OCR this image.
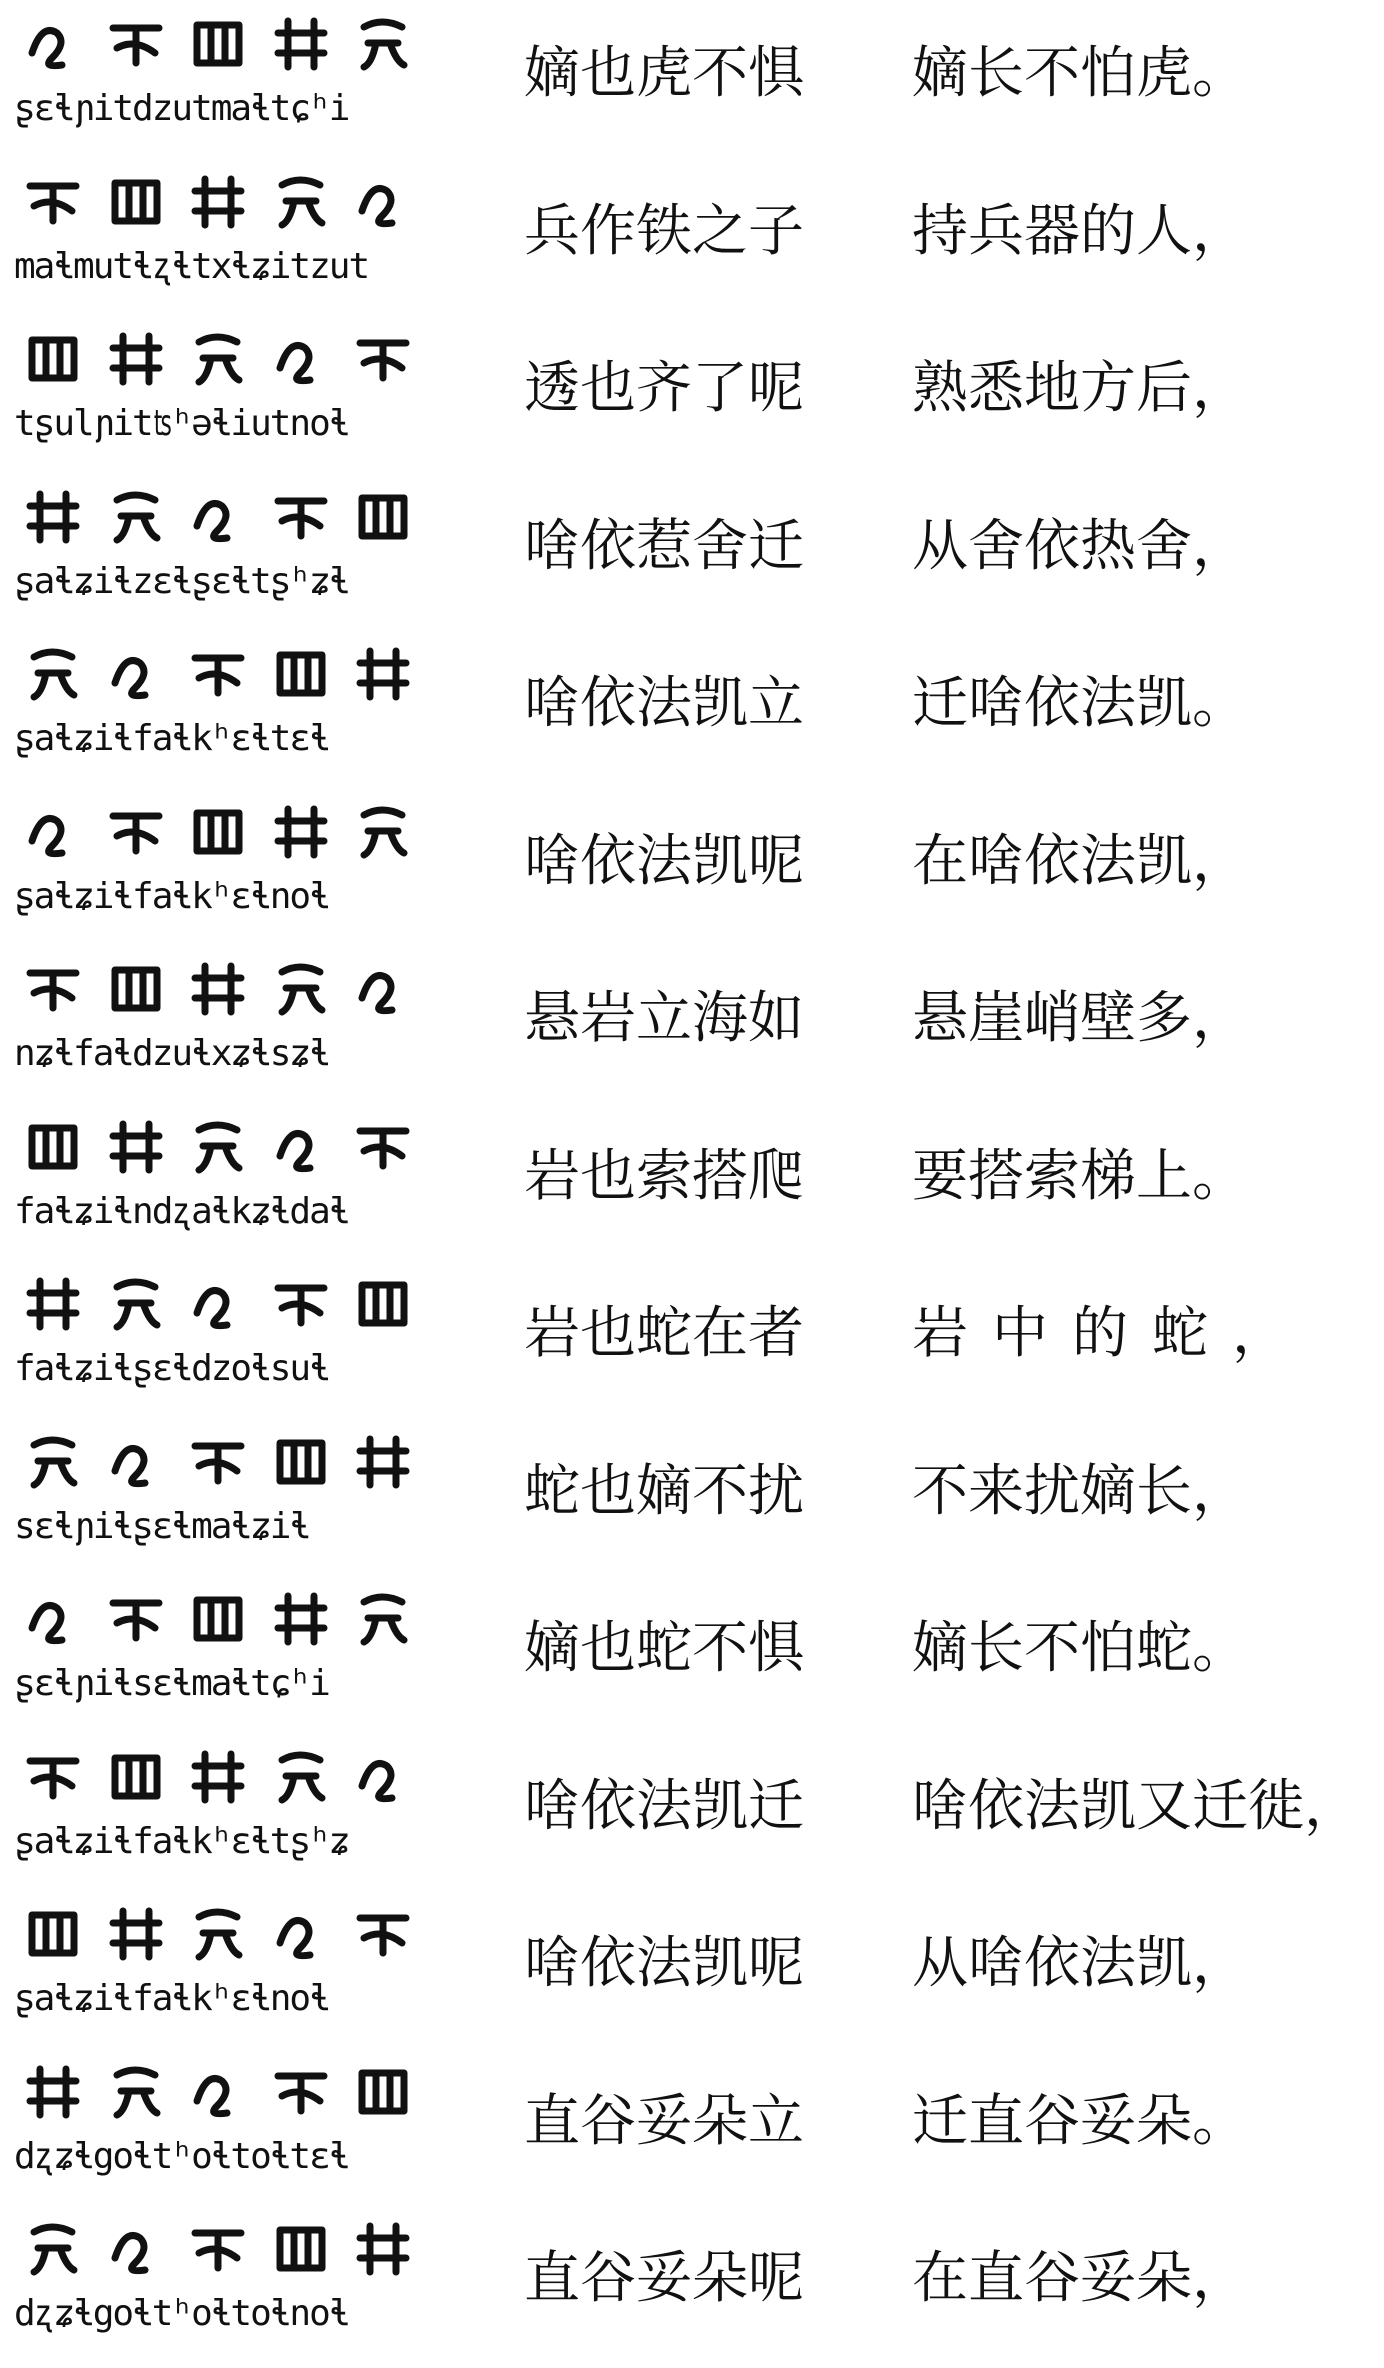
ʂɛɬɲitdzutmaɬtɕʰi
嫡也虎不惧 嫡长不怕虎。
maɬmutɬʐɬtxɬʑitzut
兵作铁之子 持兵器的人，
tʂulɲitʦʰəɬiutnoɬ
透也齐了呢 熟悉地方后，
ʂaɬʑiɬzɛɬʂɛɬtʂʰʑɬ
啥依惹舍迁 从舍依热舍，
ʂaɬʑiɬfaɬkʰɛɬtɛɬ
啥依法凯立 迁啥依法凯。
ʂaɬʑiɬfaɬkʰɛɬnoɬ
啥依法凯呢 在啥依法凯，
nʑɬfaɬdzuɬxʑɬsʑɬ
悬岩立海如 悬崖峭壁多，
faɬʑiɬndʐaɬkʑɬdaɬ
岩也索搭爬 要搭索梯上。
faɬʑiɬʂɛɬdzoɬsuɬ
岩也蛇在者 岩中的蛇，
sɛɬɲiɬʂɛɬmaɬʑiɬ
蛇也嫡不扰 不来扰嫡长，
ʂɛɬɲiɬsɛɬmaɬtɕʰi
嫡也蛇不惧 嫡长不怕蛇。
ʂaɬʑiɬfaɬkʰɛɬtʂʰʑ
啥依法凯迁 啥依法凯又迁徙，
ʂaɬʑiɬfaɬkʰɛɬnoɬ
啥依法凯呢 从啥依法凯，
dʐʑɬgoɬtʰoɬtoɬtɛɬ
直谷妥朵立 迁直谷妥朵。
dʐʑɬgoɬtʰoɬtoɬnoɬ
直谷妥朵呢 在直谷妥朵，
